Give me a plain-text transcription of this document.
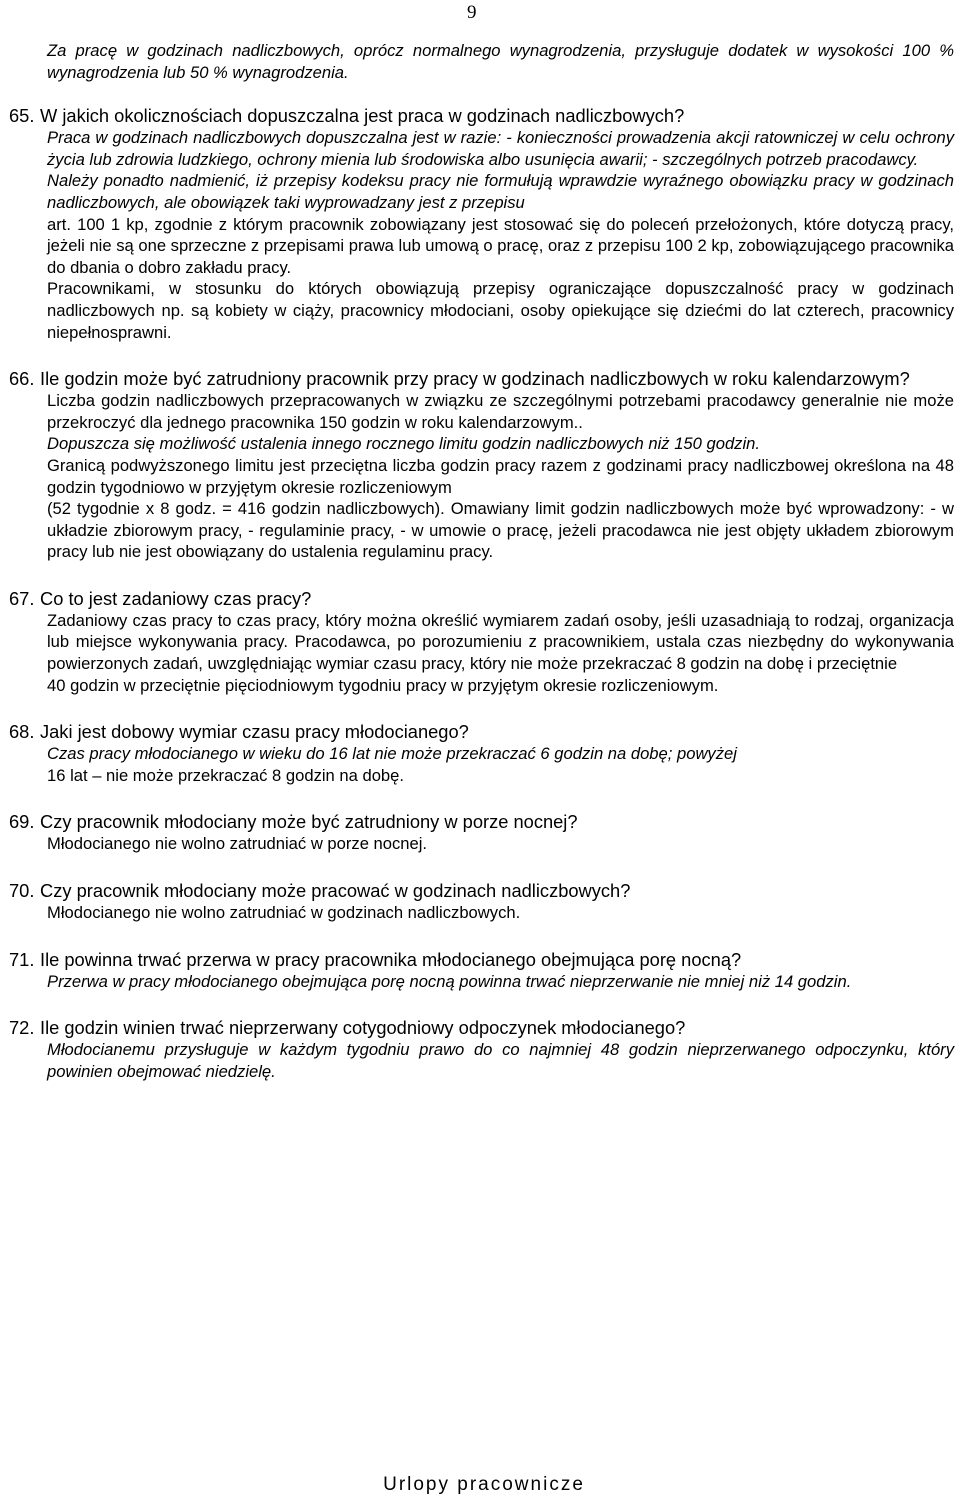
9

Za pracę w godzinach nadliczbowych, oprócz normalnego wynagrodzenia, przysługuje dodatek w wysokości 100 % wynagrodzenia lub 50 % wynagrodzenia.

65. W jakich okolicznościach dopuszczalna jest praca w godzinach nadliczbowych?

Praca w godzinach nadliczbowych dopuszczalna jest w razie: - konieczności prowadzenia akcji ratowniczej w celu ochrony życia lub zdrowia ludzkiego, ochrony mienia lub środowiska albo usunięcia awarii; - szczególnych potrzeb pracodawcy.

Należy ponadto nadmienić, iż przepisy kodeksu pracy nie formułują wprawdzie wyraźnego obowiązku pracy w godzinach nadliczbowych, ale obowiązek taki wyprowadzany jest z przepisu

art. 100 1 kp, zgodnie z którym pracownik zobowiązany jest stosować się do poleceń przełożonych, które dotyczą pracy, jeżeli nie są one sprzeczne z przepisami prawa lub umową o pracę, oraz z przepisu 100 2 kp, zobowiązującego pracownika do dbania o dobro zakładu pracy.

Pracownikami, w stosunku do których obowiązują przepisy ograniczające dopuszczalność pracy w godzinach nadliczbowych np. są kobiety w ciąży, pracownicy młodociani, osoby opiekujące się dziećmi do lat czterech, pracownicy niepełnosprawni.

66. Ile godzin może być zatrudniony pracownik przy pracy w godzinach nadliczbowych w roku kalendarzowym?

Liczba godzin nadliczbowych przepracowanych w związku ze szczególnymi potrzebami pracodawcy generalnie nie może przekroczyć dla jednego pracownika 150 godzin w roku kalendarzowym..

Dopuszcza się możliwość ustalenia innego rocznego limitu godzin nadliczbowych niż 150 godzin.

Granicą podwyższonego limitu jest przeciętna liczba godzin pracy razem z godzinami pracy nadliczbowej określona na 48 godzin tygodniowo w przyjętym okresie rozliczeniowym

(52 tygodnie x 8 godz. = 416 godzin nadliczbowych). Omawiany limit godzin nadliczbowych może być wprowadzony: - w układzie zbiorowym pracy, - regulaminie pracy, - w umowie o pracę, jeżeli pracodawca nie jest objęty układem zbiorowym pracy lub nie jest obowiązany do ustalenia regulaminu pracy.

67. Co to jest zadaniowy czas pracy?

Zadaniowy czas pracy to czas pracy, który można określić wymiarem zadań osoby, jeśli uzasadniają to rodzaj, organizacja lub miejsce wykonywania pracy. Pracodawca, po porozumieniu z pracownikiem, ustala czas niezbędny do wykonywania powierzonych zadań, uwzględniając wymiar czasu pracy, który nie może przekraczać 8 godzin na dobę i przeciętnie

40 godzin w przeciętnie pięciodniowym tygodniu pracy w przyjętym okresie rozliczeniowym.

68. Jaki jest dobowy wymiar czasu pracy młodocianego?

Czas pracy młodocianego w wieku do 16 lat nie może przekraczać 6 godzin na dobę; powyżej

16 lat – nie może przekraczać 8 godzin na dobę.

69. Czy pracownik młodociany może być zatrudniony w porze nocnej?

Młodocianego nie wolno zatrudniać w porze nocnej.

70. Czy pracownik młodociany może pracować w godzinach nadliczbowych?

Młodocianego nie wolno zatrudniać w godzinach nadliczbowych.

71. Ile powinna trwać przerwa w pracy pracownika młodocianego obejmująca porę nocną?

Przerwa w pracy młodocianego obejmująca porę nocną powinna trwać nieprzerwanie nie mniej niż 14 godzin.

72. Ile godzin winien trwać nieprzerwany cotygodniowy odpoczynek młodocianego?

Młodocianemu przysługuje w każdym tygodniu prawo do co najmniej 48 godzin nieprzerwanego odpoczynku, który powinien obejmować niedzielę.

Urlopy pracownicze
